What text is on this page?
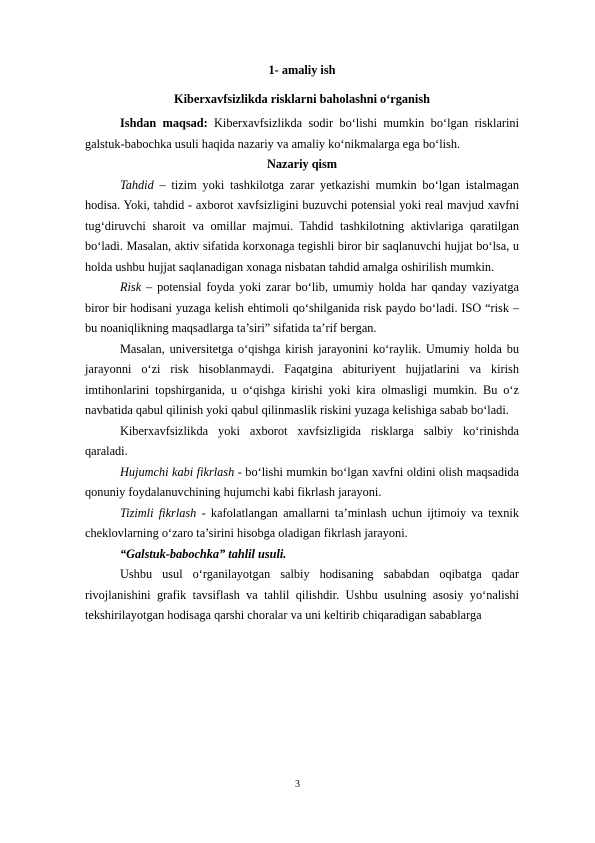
1- amaliy ish
Kiberxavfsizlikda risklarni baholashni o‘rganish

Ishdan maqsad: Kiberxavfsizlikda sodir bo‘lishi mumkin bo‘lgan risklarini galstuk-babochka usuli haqida nazariy va amaliy ko‘nikmalarga ega bo‘lish.

Nazariy qism

Tahdid – tizim yoki tashkilotga zarar yetkazishi mumkin bo‘lgan istalmagan hodisa. Yoki, tahdid - axborot xavfsizligini buzuvchi potensial yoki real mavjud xavfni tug‘diruvchi sharoit va omillar majmui. Tahdid tashkilotning aktivlariga qaratilgan bo‘ladi. Masalan, aktiv sifatida korxonaga tegishli biror bir saqlanuvchi hujjat bo‘lsa, u holda ushbu hujjat saqlanadigan xonaga nisbatan tahdid amalga oshirilish mumkin.

Risk – potensial foyda yoki zarar bo‘lib, umumiy holda har qanday vaziyatga biror bir hodisani yuzaga kelish ehtimoli qo‘shilganida risk paydo bo‘ladi. ISO “risk – bu noaniqlikning maqsadlarga ta’siri” sifatida ta’rif bergan.

Masalan, universitetga o‘qishga kirish jarayonini ko‘raylik. Umumiy holda bu jarayonni o‘zi risk hisoblanmaydi. Faqatgina abituriyent hujjatlarini va kirish imtihonlarini topshirganida, u o‘qishga kirishi yoki kira olmasligi mumkin. Bu o‘z navbatida qabul qilinish yoki qabul qilinmaslik riskini yuzaga kelishiga sabab bo‘ladi.

Kiberxavfsizlikda yoki axborot xavfsizligida risklarga salbiy ko‘rinishda qaraladi.

Hujumchi kabi fikrlash - bo‘lishi mumkin bo‘lgan xavfni oldini olish maqsadida qonuniy foydalanuvchining hujumchi kabi fikrlash jarayoni.

Tizimli fikrlash - kafolatlangan amallarni ta’minlash uchun ijtimoiy va texnik cheklovlarning o‘zaro ta’sirini hisobga oladigan fikrlash jarayoni.

“Galstuk-babochka” tahlil usuli.

Ushbu usul o‘rganilayotgan salbiy hodisaning sababdan oqibatga qadar rivojlanishini grafik tavsiflash va tahlil qilishdir. Ushbu usulning asosiy yo‘nalishi tekshirilayotgan hodisaga qarshi choralar va uni keltirib chiqaradigan sabablarga

3
